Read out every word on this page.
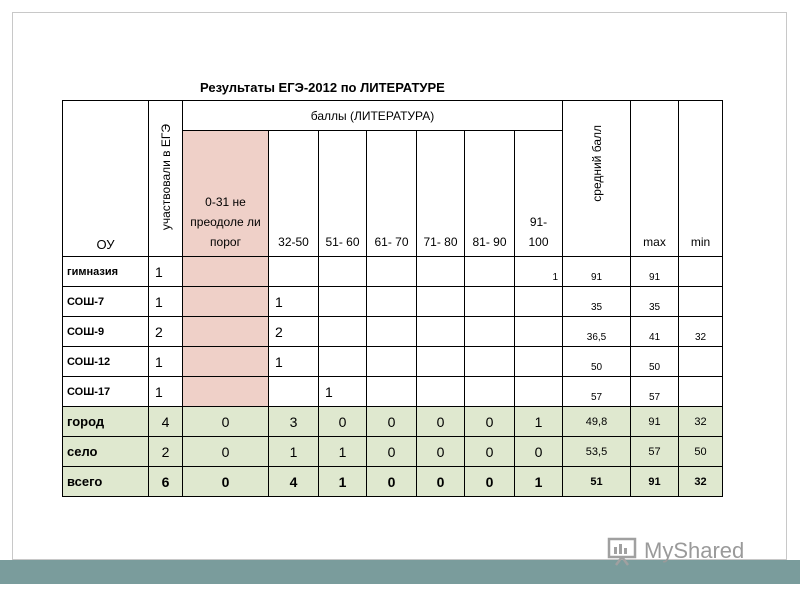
Результаты ЕГЭ-2012 по ЛИТЕРАТУРЕ
ОУ	участвовали в ЕГЭ	баллы (ЛИТЕРАТУРА)							средний балл	max	min
		0-31 не преодоле ли порог	32-50	51- 60	61- 70	71- 80	81- 90	91- 100			
гимназия	1							1	91	91	
СОШ-7	1		1						35	35	
СОШ-9	2		2						36,5	41	32
СОШ-12	1		1						50	50	
СОШ-17	1			1					57	57	
город	4	0	3	0	0	0	0	1	49,8	91	32
село	2	0	1	1	0	0	0	0	53,5	57	50
всего	6	0	4	1	0	0	0	1	51	91	32
MyShared
